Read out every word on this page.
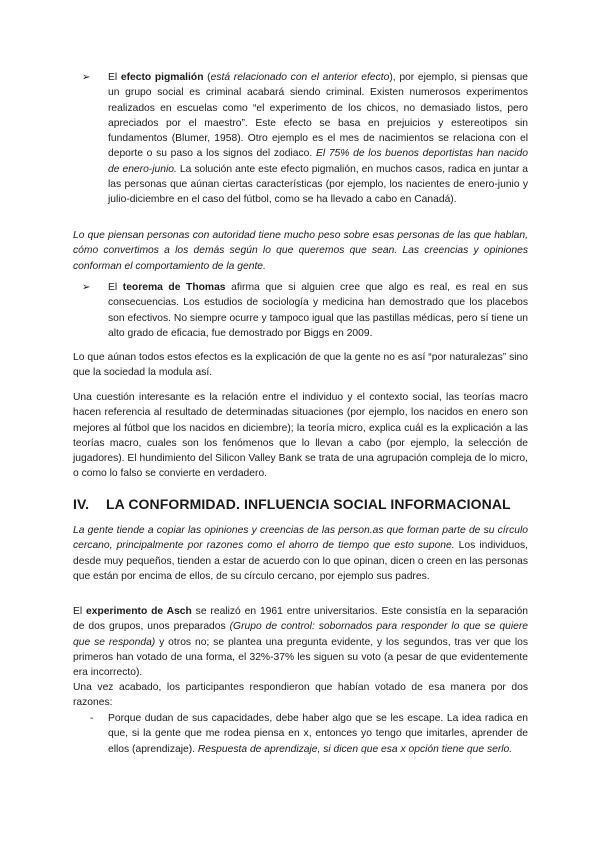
➢ El efecto pigmalión (está relacionado con el anterior efecto), por ejemplo, si piensas que un grupo social es criminal acabará siendo criminal. Existen numerosos experimentos realizados en escuelas como “el experimento de los chicos, no demasiado listos, pero apreciados por el maestro”. Este efecto se basa en prejuicios y estereotipos sin fundamentos (Blumer, 1958). Otro ejemplo es el mes de nacimientos se relaciona con el deporte o su paso a los signos del zodiaco. El 75% de los buenos deportistas han nacido de enero-junio. La solución ante este efecto pigmalión, en muchos casos, radica en juntar a las personas que aúnan ciertas características (por ejemplo, los nacientes de enero-junio y julio-diciembre en el caso del fútbol, como se ha llevado a cabo en Canadá).
Lo que piensan personas con autoridad tiene mucho peso sobre esas personas de las que hablan, cómo convertimos a los demás según lo que queremos que sean. Las creencias y opiniones conforman el comportamiento de la gente.
➢ El teorema de Thomas afirma que si alguien cree que algo es real, es real en sus consecuencias. Los estudios de sociología y medicina han demostrado que los placebos son efectivos. No siempre ocurre y tampoco igual que las pastillas médicas, pero sí tiene un alto grado de eficacia, fue demostrado por Biggs en 2009.
Lo que aúnan todos estos efectos es la explicación de que la gente no es así “por naturalezas” sino que la sociedad la modula así.
Una cuestión interesante es la relación entre el individuo y el contexto social, las teorías macro hacen referencia al resultado de determinadas situaciones (por ejemplo, los nacidos en enero son mejores al fútbol que los nacidos en diciembre); la teoría micro, explica cuál es la explicación a las teorías macro, cuales son los fenómenos que lo llevan a cabo (por ejemplo, la selección de jugadores). El hundimiento del Silicon Valley Bank se trata de una agrupación compleja de lo micro, o como lo falso se convierte en verdadero.
IV. LA CONFORMIDAD. INFLUENCIA SOCIAL INFORMACIONAL
La gente tiende a copiar las opiniones y creencias de las person.as que forman parte de su círculo cercano, principalmente por razones como el ahorro de tiempo que esto supone. Los individuos, desde muy pequeños, tienden a estar de acuerdo con lo que opinan, dicen o creen en las personas que están por encima de ellos, de su círculo cercano, por ejemplo sus padres.
El experimento de Asch se realizó en 1961 entre universitarios. Este consistía en la separación de dos grupos, unos preparados (Grupo de control: sobornados para responder lo que se quiere que se responda) y otros no; se plantea una pregunta evidente, y los segundos, tras ver que los primeros han votado de una forma, el 32%-37% les siguen su voto (a pesar de que evidentemente era incorrecto).
Una vez acabado, los participantes respondieron que habían votado de esa manera por dos razones:
- Porque dudan de sus capacidades, debe haber algo que se les escape. La idea radica en que, si la gente que me rodea piensa en x, entonces yo tengo que imitarles, aprender de ellos (aprendizaje). Respuesta de aprendizaje, si dicen que esa x opción tiene que serlo.
